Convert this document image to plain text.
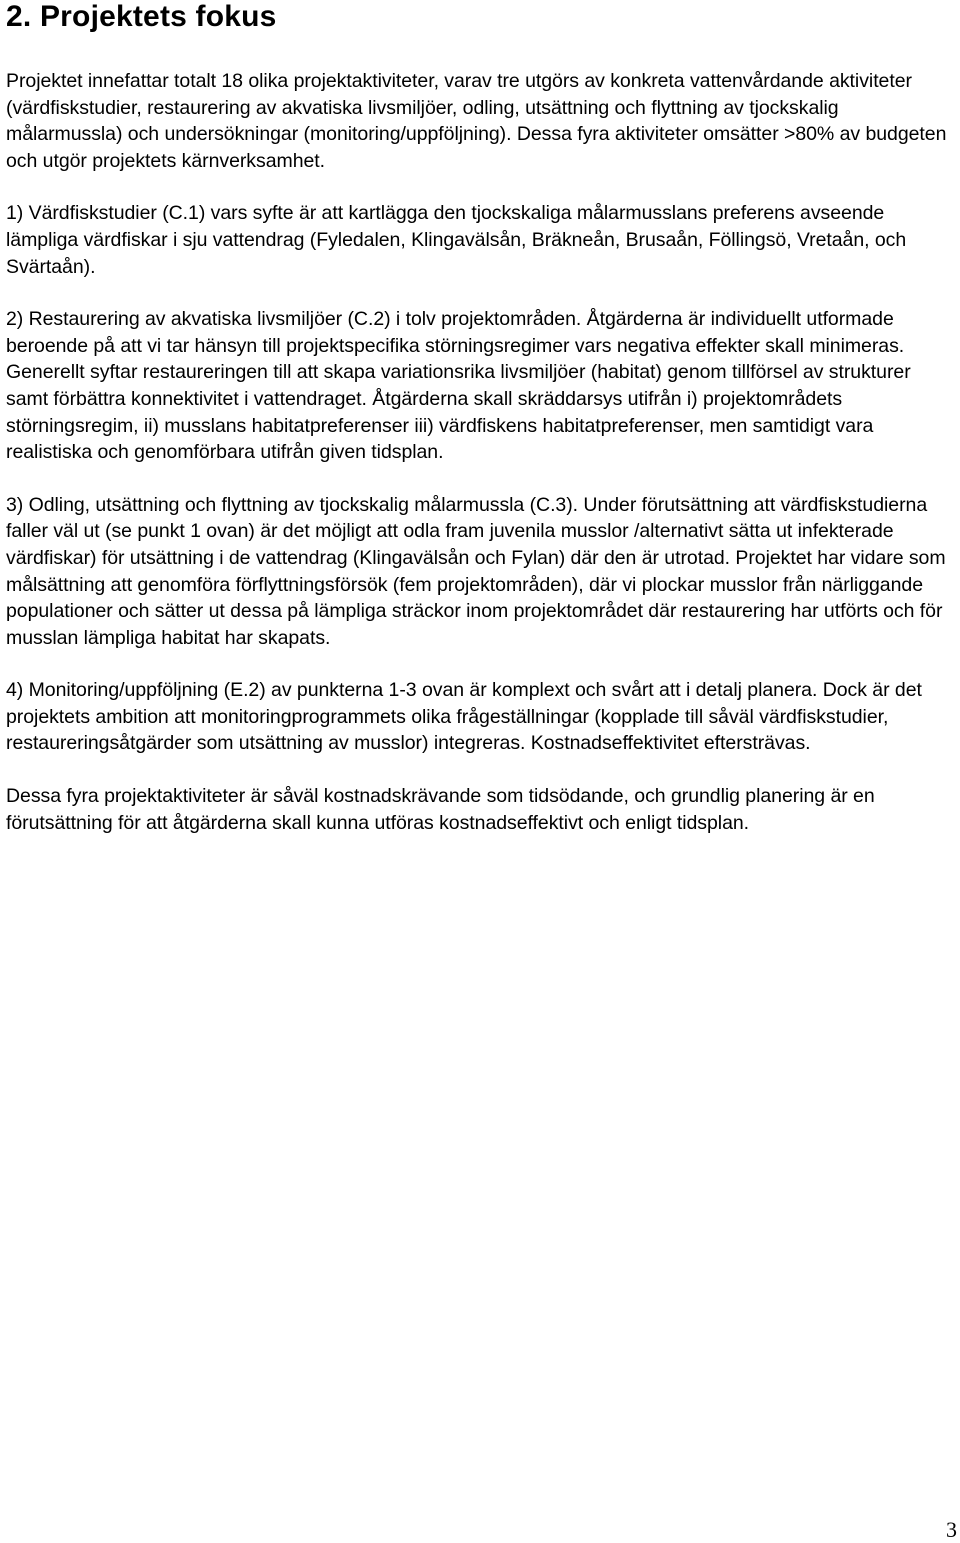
2. Projektets fokus

Projektet innefattar totalt 18 olika projektaktiviteter, varav tre utgörs av konkreta vattenvårdande aktiviteter (värdfiskstudier, restaurering av akvatiska livsmiljöer, odling, utsättning och flyttning av tjockskalig målarmussla) och undersökningar (monitoring/uppföljning). Dessa fyra aktiviteter omsätter >80% av budgeten och utgör projektets kärnverksamhet.

1) Värdfiskstudier (C.1) vars syfte är att kartlägga den tjockskaliga målarmusslans preferens avseende lämpliga värdfiskar i sju vattendrag (Fyledalen, Klingavälsån, Bräkneån, Brusaån, Föllingsö, Vretaån, och Svärtaån).

2) Restaurering av akvatiska livsmiljöer (C.2) i tolv projektområden. Åtgärderna är individuellt utformade beroende på att vi tar hänsyn till projektspecifika störningsregimer vars negativa effekter skall minimeras. Generellt syftar restaureringen till att skapa variationsrika livsmiljöer (habitat) genom tillförsel av strukturer samt förbättra konnektivitet i vattendraget. Åtgärderna skall skräddarsys utifrån i) projektområdets störningsregim, ii) musslans habitatpreferenser iii) värdfiskens habitatpreferenser, men samtidigt vara realistiska och genomförbara utifrån given tidsplan.

3) Odling, utsättning och flyttning av tjockskalig målarmussla (C.3). Under förutsättning att värdfiskstudierna faller väl ut (se punkt 1 ovan) är det möjligt att odla fram juvenila musslor /alternativt sätta ut infekterade värdfiskar) för utsättning i de vattendrag (Klingavälsån och Fylan) där den är utrotad. Projektet har vidare som målsättning att genomföra förflyttningsförsök (fem projektområden), där vi plockar musslor från närliggande populationer och sätter ut dessa på lämpliga sträckor inom projektområdet där restaurering har utförts och för musslan lämpliga habitat har skapats.

4) Monitoring/uppföljning (E.2) av punkterna 1-3 ovan är komplext och svårt att i detalj planera. Dock är det projektets ambition att monitoringprogrammets olika frågeställningar (kopplade till såväl värdfiskstudier, restaureringsåtgärder som utsättning av musslor) integreras. Kostnadseffektivitet eftersträvas.

Dessa fyra projektaktiviteter är såväl kostnadskrävande som tidsödande, och grundlig planering är en förutsättning för att åtgärderna skall kunna utföras kostnadseffektivt och enligt tidsplan.

3
